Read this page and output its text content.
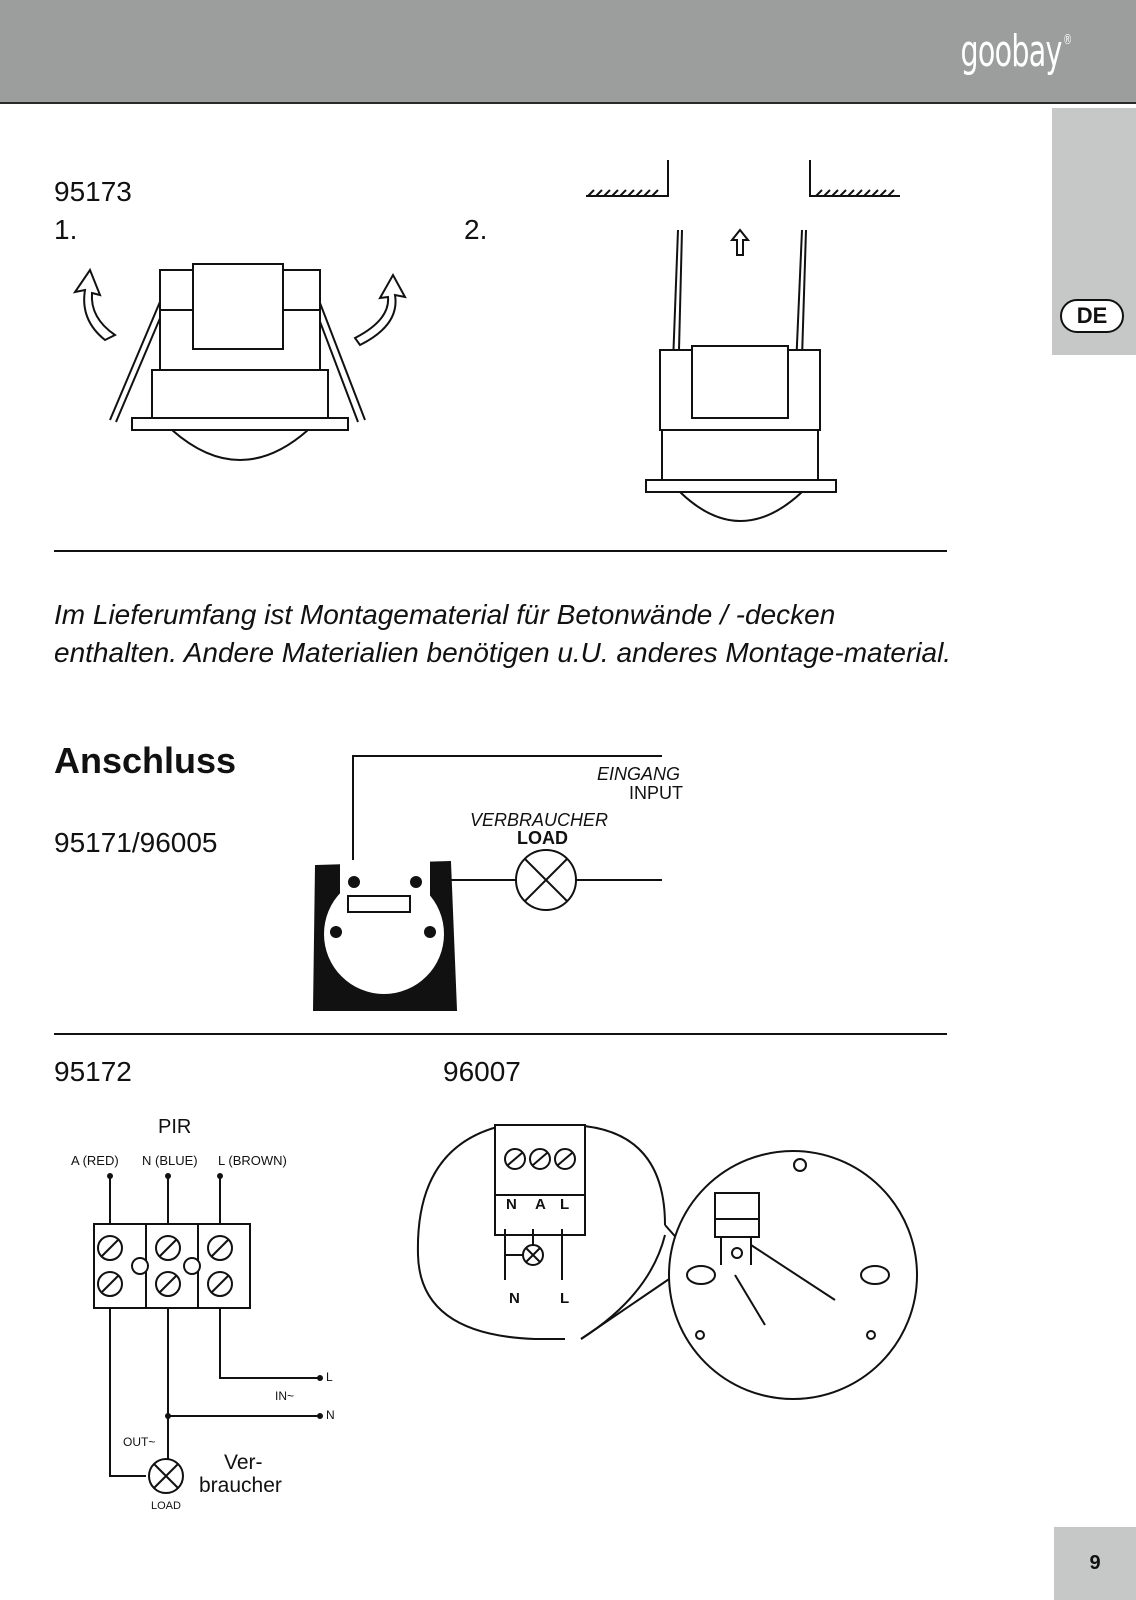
goobay®
DE
95173
1.	2.
Im Lieferumfang ist Montagematerial für Betonwände / -decken enthalten. Andere Materialien benötigen u.U. anderes Montage-material.
Anschluss
95171/96005
EINGANG
INPUT
VERBRAUCHER
LOAD
95172	96007
PIR
A (RED) N (BLUE) L (BROWN)
L
N
IN~
OUT~
LOAD
Ver-
braucher
N A L
N	L
9
